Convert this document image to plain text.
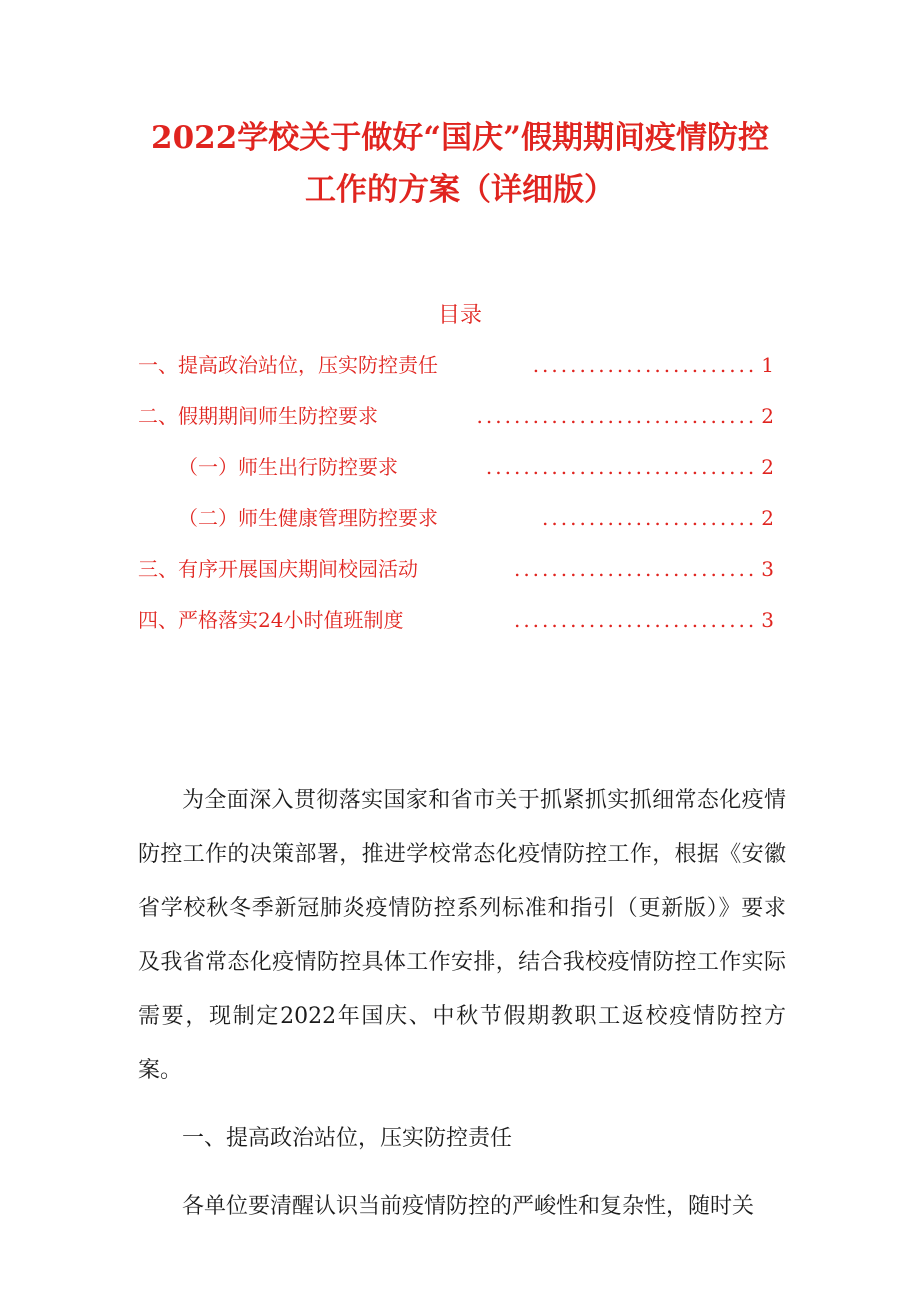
2022学校关于做好“国庆”假期期间疫情防控
工作的方案（详细版）
目录
一、提高政治站位，压实防控责任	........................ 1
二、假期期间师生防控要求	.............................. 2
（一）师生出行防控要求	............................. 2
（二）师生健康管理防控要求	....................... 2
三、有序开展国庆期间校园活动	.......................... 3
四、严格落实24小时值班制度	.......................... 3

为全面深入贯彻落实国家和省市关于抓紧抓实抓细常态化疫情防控工作的决策部署，推进学校常态化疫情防控工作，根据《安徽省学校秋冬季新冠肺炎疫情防控系列标准和指引（更新版）》要求及我省常态化疫情防控具体工作安排，结合我校疫情防控工作实际需要，现制定2022年国庆、中秋节假期教职工返校疫情防控方案。

一、提高政治站位，压实防控责任

各单位要清醒认识当前疫情防控的严峻性和复杂性，随时关
